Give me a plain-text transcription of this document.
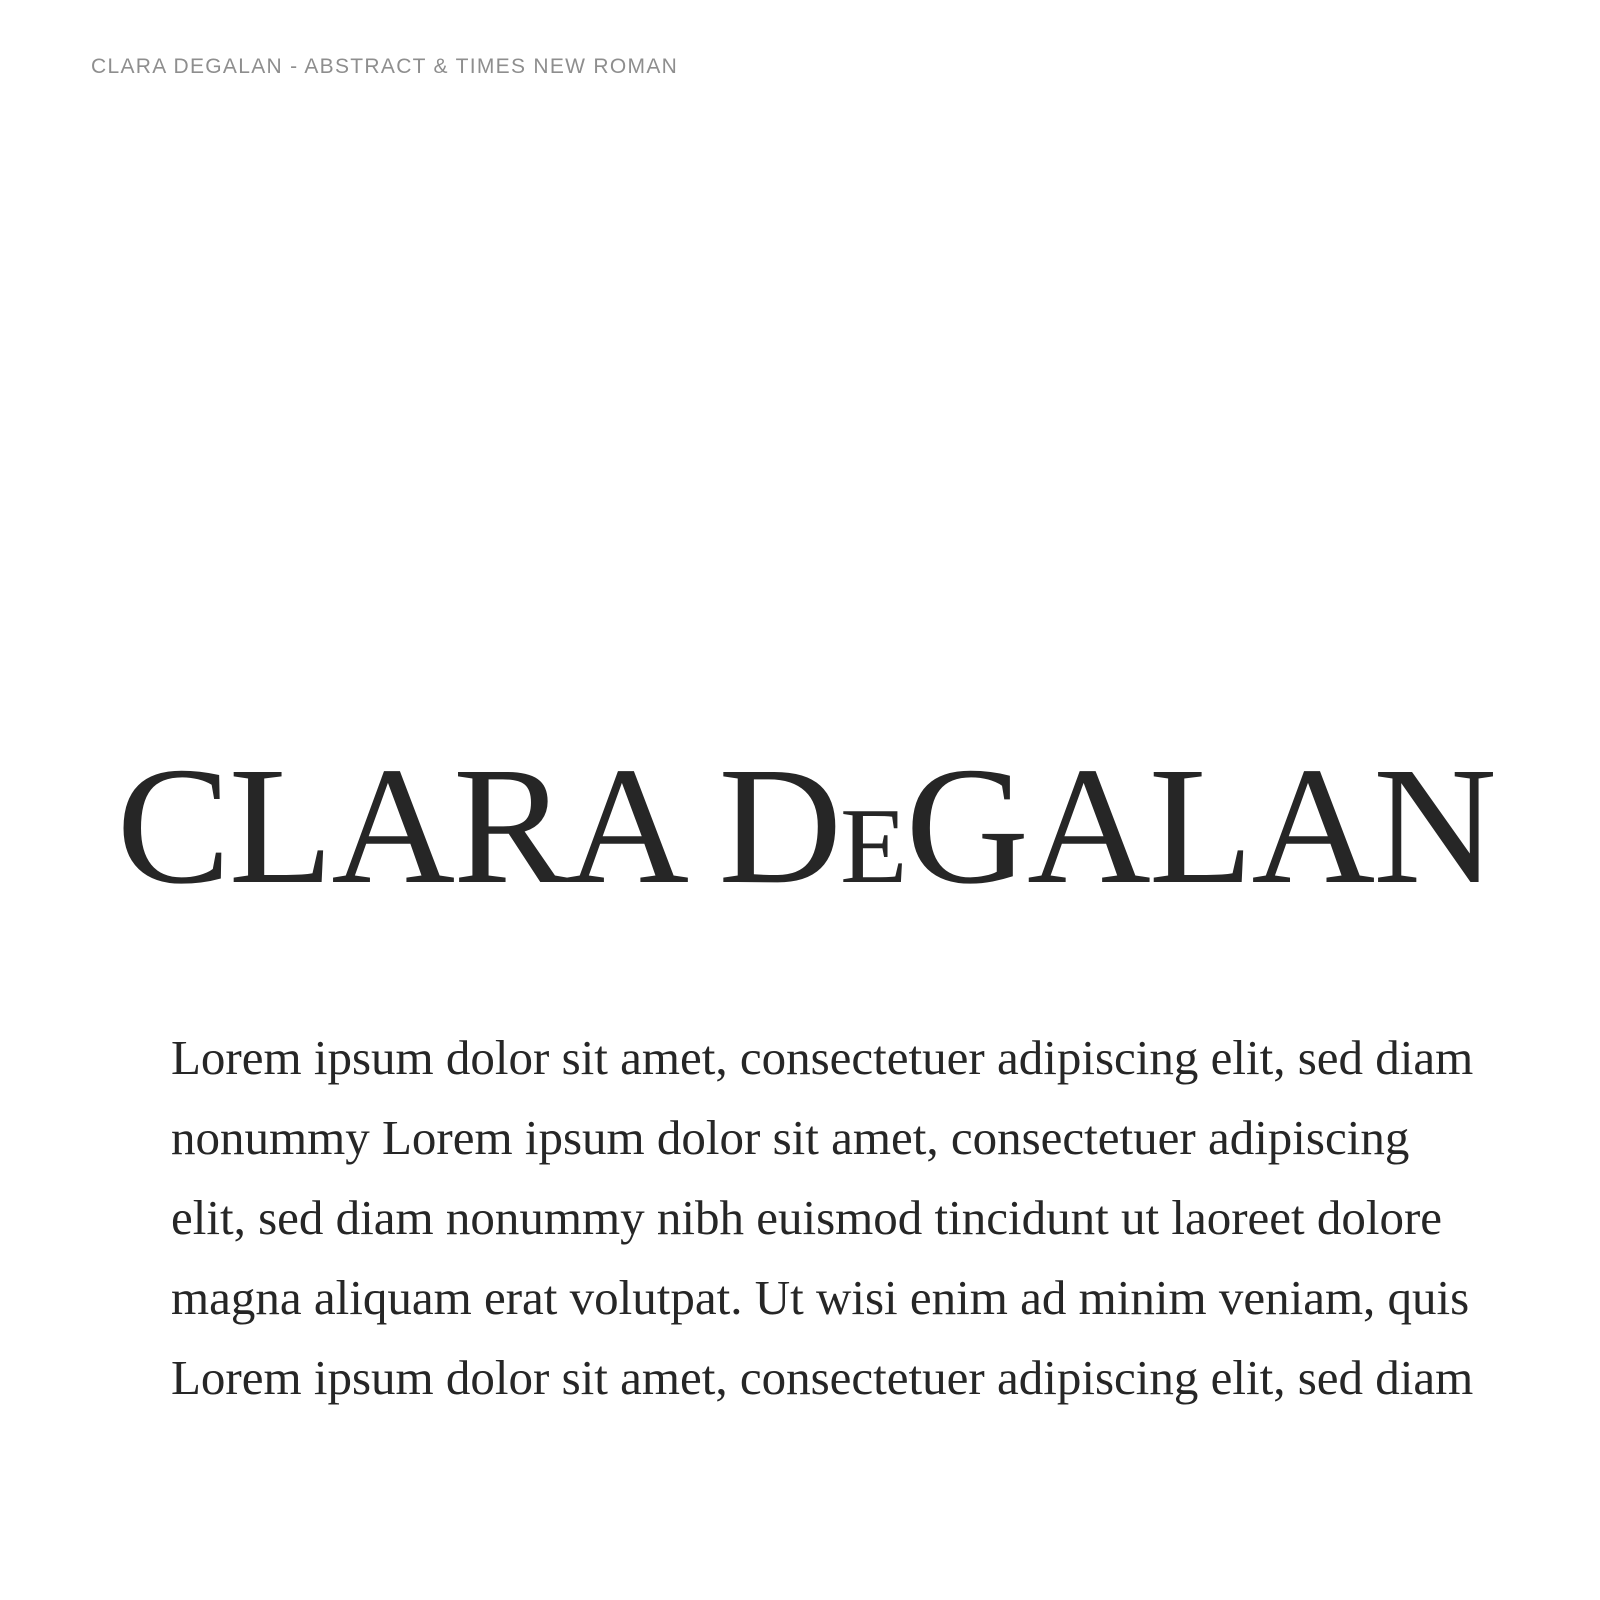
CLARA DEGALAN - ABSTRACT & TIMES NEW ROMAN
CLARA DEGALAN
Lorem ipsum dolor sit amet, consectetuer adipiscing elit, sed diam
nonummy Lorem ipsum dolor sit amet, consectetuer adipiscing
elit, sed diam nonummy nibh euismod tincidunt ut laoreet dolore
magna aliquam erat volutpat. Ut wisi enim ad minim veniam, quis
Lorem ipsum dolor sit amet, consectetuer adipiscing elit, sed diam
